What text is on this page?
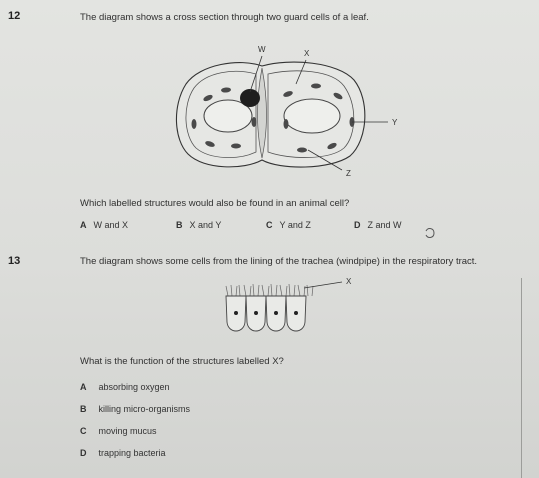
12	The diagram shows a cross section through two guard cells of a leaf.
W	X
Y
Z
Which labelled structures would also be found in an animal cell?
A W and X	B X and Y	C Y and Z	D Z and W
13	The diagram shows some cells from the lining of the trachea (windpipe) in the respiratory tract.
X
What is the function of the structures labelled X?
A absorbing oxygen
B killing micro-organisms
C moving mucus
D trapping bacteria
